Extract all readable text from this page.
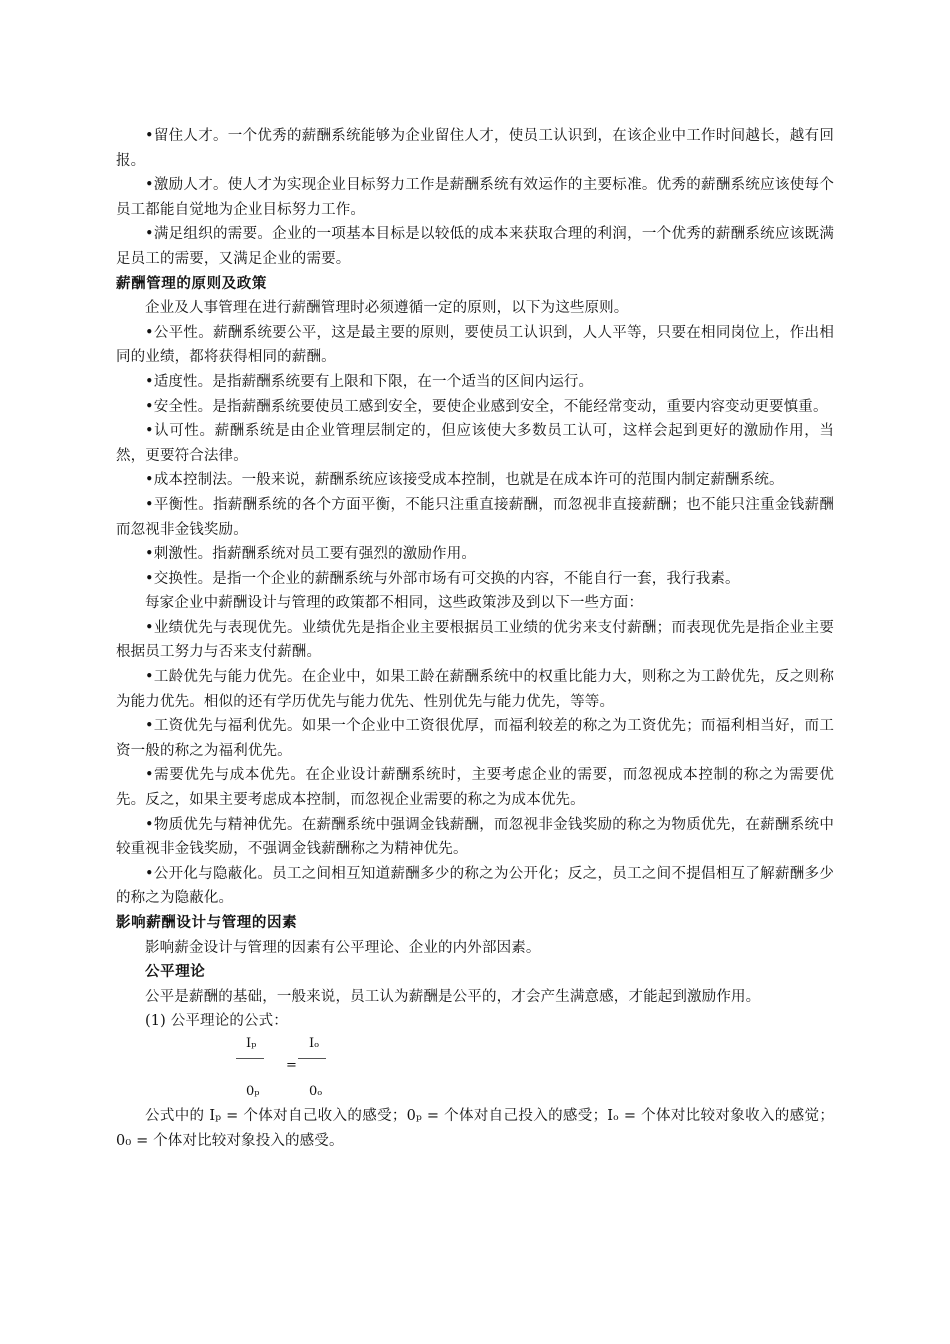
•留住人才。一个优秀的薪酬系统能够为企业留住人才，使员工认识到，在该企业中工作时间越长，越有回报。

•激励人才。使人才为实现企业目标努力工作是薪酬系统有效运作的主要标准。优秀的薪酬系统应该使每个员工都能自觉地为企业目标努力工作。

•满足组织的需要。企业的一项基本目标是以较低的成本来获取合理的利润，一个优秀的薪酬系统应该既满足员工的需要，又满足企业的需要。

薪酬管理的原则及政策

企业及人事管理在进行薪酬管理时必须遵循一定的原则，以下为这些原则。

•公平性。薪酬系统要公平，这是最主要的原则，要使员工认识到，人人平等，只要在相同岗位上，作出相同的业绩，都将获得相同的薪酬。

•适度性。是指薪酬系统要有上限和下限，在一个适当的区间内运行。

•安全性。是指薪酬系统要使员工感到安全，要使企业感到安全，不能经常变动，重要内容变动更要慎重。

•认可性。薪酬系统是由企业管理层制定的，但应该使大多数员工认可，这样会起到更好的激励作用，当然，更要符合法律。

•成本控制法。一般来说，薪酬系统应该接受成本控制，也就是在成本许可的范围内制定薪酬系统。

•平衡性。指薪酬系统的各个方面平衡，不能只注重直接薪酬，而忽视非直接薪酬；也不能只注重金钱薪酬而忽视非金钱奖励。

•刺激性。指薪酬系统对员工要有强烈的激励作用。

•交换性。是指一个企业的薪酬系统与外部市场有可交换的内容，不能自行一套，我行我素。

每家企业中薪酬设计与管理的政策都不相同，这些政策涉及到以下一些方面：

•业绩优先与表现优先。业绩优先是指企业主要根据员工业绩的优劣来支付薪酬；而表现优先是指企业主要根据员工努力与否来支付薪酬。

•工龄优先与能力优先。在企业中，如果工龄在薪酬系统中的权重比能力大，则称之为工龄优先，反之则称为能力优先。相似的还有学历优先与能力优先、性别优先与能力优先，等等。

•工资优先与福利优先。如果一个企业中工资很优厚，而福利较差的称之为工资优先；而福利相当好，而工资一般的称之为福利优先。

•需要优先与成本优先。在企业设计薪酬系统时，主要考虑企业的需要，而忽视成本控制的称之为需要优先。反之，如果主要考虑成本控制，而忽视企业需要的称之为成本优先。

•物质优先与精神优先。在薪酬系统中强调金钱薪酬，而忽视非金钱奖励的称之为物质优先，在薪酬系统中较重视非金钱奖励，不强调金钱薪酬称之为精神优先。

•公开化与隐蔽化。员工之间相互知道薪酬多少的称之为公开化；反之，员工之间不提倡相互了解薪酬多少的称之为隐蔽化。

影响薪酬设计与管理的因素

影响薪金设计与管理的因素有公平理论、企业的内外部因素。

公平理论

公平是薪酬的基础，一般来说，员工认为薪酬是公平的，才会产生满意感，才能起到激励作用。

(1) 公平理论的公式：

Iₚ
=
Iₒ
0ₚ	0ₒ

公式中的 Iₚ = 个体对自己收入的感受；0ₚ = 个体对自己投入的感受；Iₒ = 个体对比较对象收入的感觉；0₀ = 个体对比较对象投入的感受。
